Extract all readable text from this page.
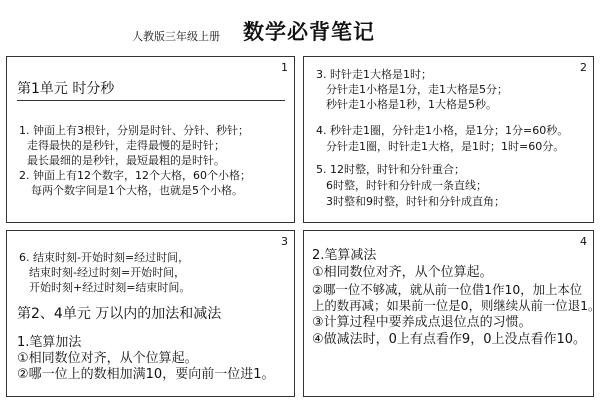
人教版三年级上册 数学必背笔记
1
第1单元 时分秒
1. 钟面上有3根针，分别是时针、分针、秒针；
走得最快的是秒针，走得最慢的是时针；
最长最细的是秒针，最短最粗的是时针。
2. 钟面上有12个数字，12个大格，60个小格；
每两个数字间是1个大格，也就是5个小格。
2
3. 时针走1大格是1时；
分针走1小格是1分，走1大格是5分；
秒针走1小格是1秒，1大格是5秒。
4. 秒针走1圈，分针走1小格，是1分；1分=60秒。
分针走1圈，时针走1大格，是1时；1时=60分。
5. 12时整，时针和分针重合；
6时整，时针和分针成一条直线；
3时整和9时整，时针和分针成直角；
3
6. 结束时刻-开始时刻=经过时间，
结束时刻-经过时刻=开始时间，
开始时刻+经过时刻=结束时间。
第2、4单元 万以内的加法和减法
1.笔算加法
①相同数位对齐，从个位算起。
②哪一位上的数相加满10，要向前一位进1。
4
2.笔算减法
①相同数位对齐，从个位算起。
②哪一位不够减，就从前一位借1作10，加上本位
上的数再减；如果前一位是0，则继续从前一位退1。
③计算过程中要养成点退位点的习惯。
④做减法时，0上有点看作9，0上没点看作10。
